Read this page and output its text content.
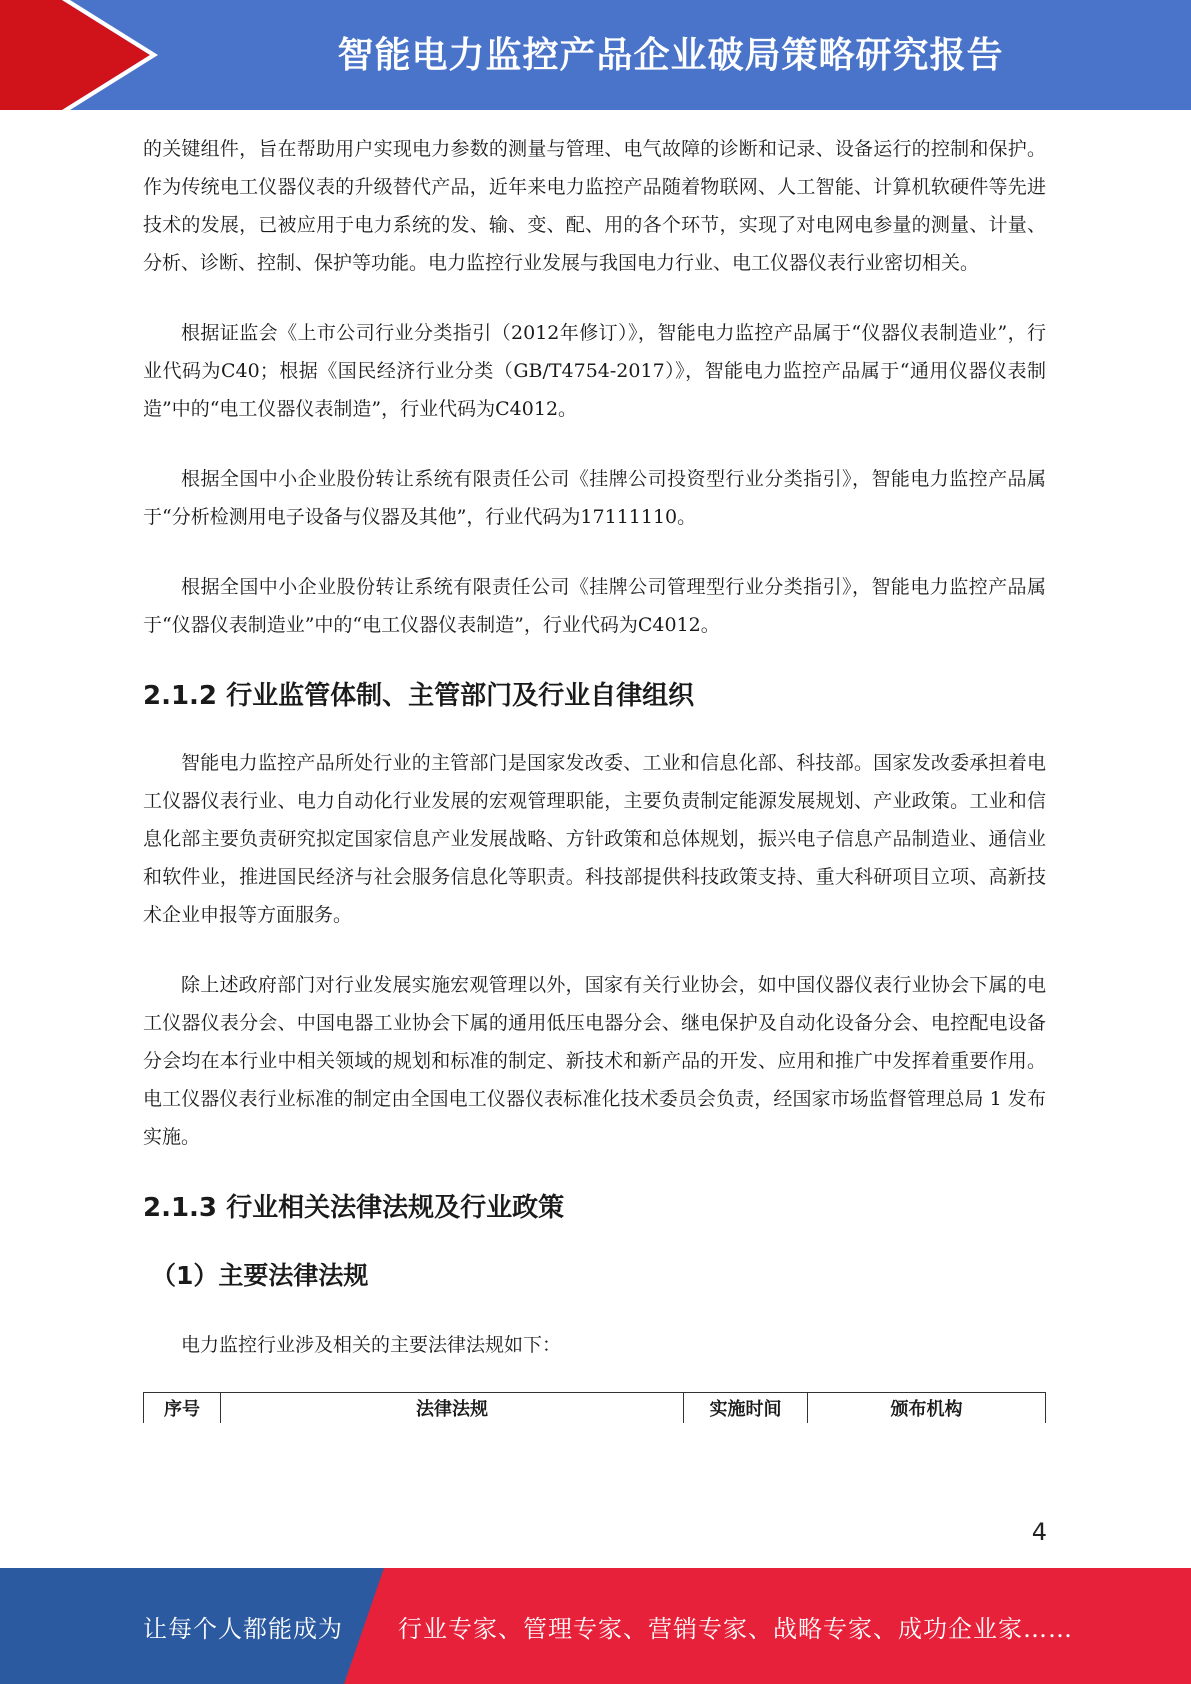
智能电力监控产品企业破局策略研究报告

的关键组件，旨在帮助用户实现电力参数的测量与管理、电气故障的诊断和记录、设备运行的控制和保护。作为传统电工仪器仪表的升级替代产品，近年来电力监控产品随着物联网、人工智能、计算机软硬件等先进技术的发展，已被应用于电力系统的发、输、变、配、用的各个环节，实现了对电网电参量的测量、计量、分析、诊断、控制、保护等功能。电力监控行业发展与我国电力行业、电工仪器仪表行业密切相关。

根据证监会《上市公司行业分类指引（2012年修订）》，智能电力监控产品属于“仪器仪表制造业”，行业代码为C40；根据《国民经济行业分类（GB/T4754-2017）》，智能电力监控产品属于“通用仪器仪表制造”中的“电工仪器仪表制造”，行业代码为C4012。

根据全国中小企业股份转让系统有限责任公司《挂牌公司投资型行业分类指引》，智能电力监控产品属于“分析检测用电子设备与仪器及其他”，行业代码为17111110。

根据全国中小企业股份转让系统有限责任公司《挂牌公司管理型行业分类指引》，智能电力监控产品属于“仪器仪表制造业”中的“电工仪器仪表制造”，行业代码为C4012。

2.1.2 行业监管体制、主管部门及行业自律组织

智能电力监控产品所处行业的主管部门是国家发改委、工业和信息化部、科技部。国家发改委承担着电工仪器仪表行业、电力自动化行业发展的宏观管理职能，主要负责制定能源发展规划、产业政策。工业和信息化部主要负责研究拟定国家信息产业发展战略、方针政策和总体规划，振兴电子信息产品制造业、通信业和软件业，推进国民经济与社会服务信息化等职责。科技部提供科技政策支持、重大科研项目立项、高新技术企业申报等方面服务。

除上述政府部门对行业发展实施宏观管理以外，国家有关行业协会，如中国仪器仪表行业协会下属的电工仪器仪表分会、中国电器工业协会下属的通用低压电器分会、继电保护及自动化设备分会、电控配电设备分会均在本行业中相关领域的规划和标准的制定、新技术和新产品的开发、应用和推广中发挥着重要作用。电工仪器仪表行业标准的制定由全国电工仪器仪表标准化技术委员会负责，经国家市场监督管理总局 1 发布实施。

2.1.3 行业相关法律法规及行业政策
（1）主要法律法规

电力监控行业涉及相关的主要法律法规如下：

序号	法律法规	实施时间	颁布机构
4
让每个人都能成为 行业专家、管理专家、营销专家、战略专家、成功企业家……
